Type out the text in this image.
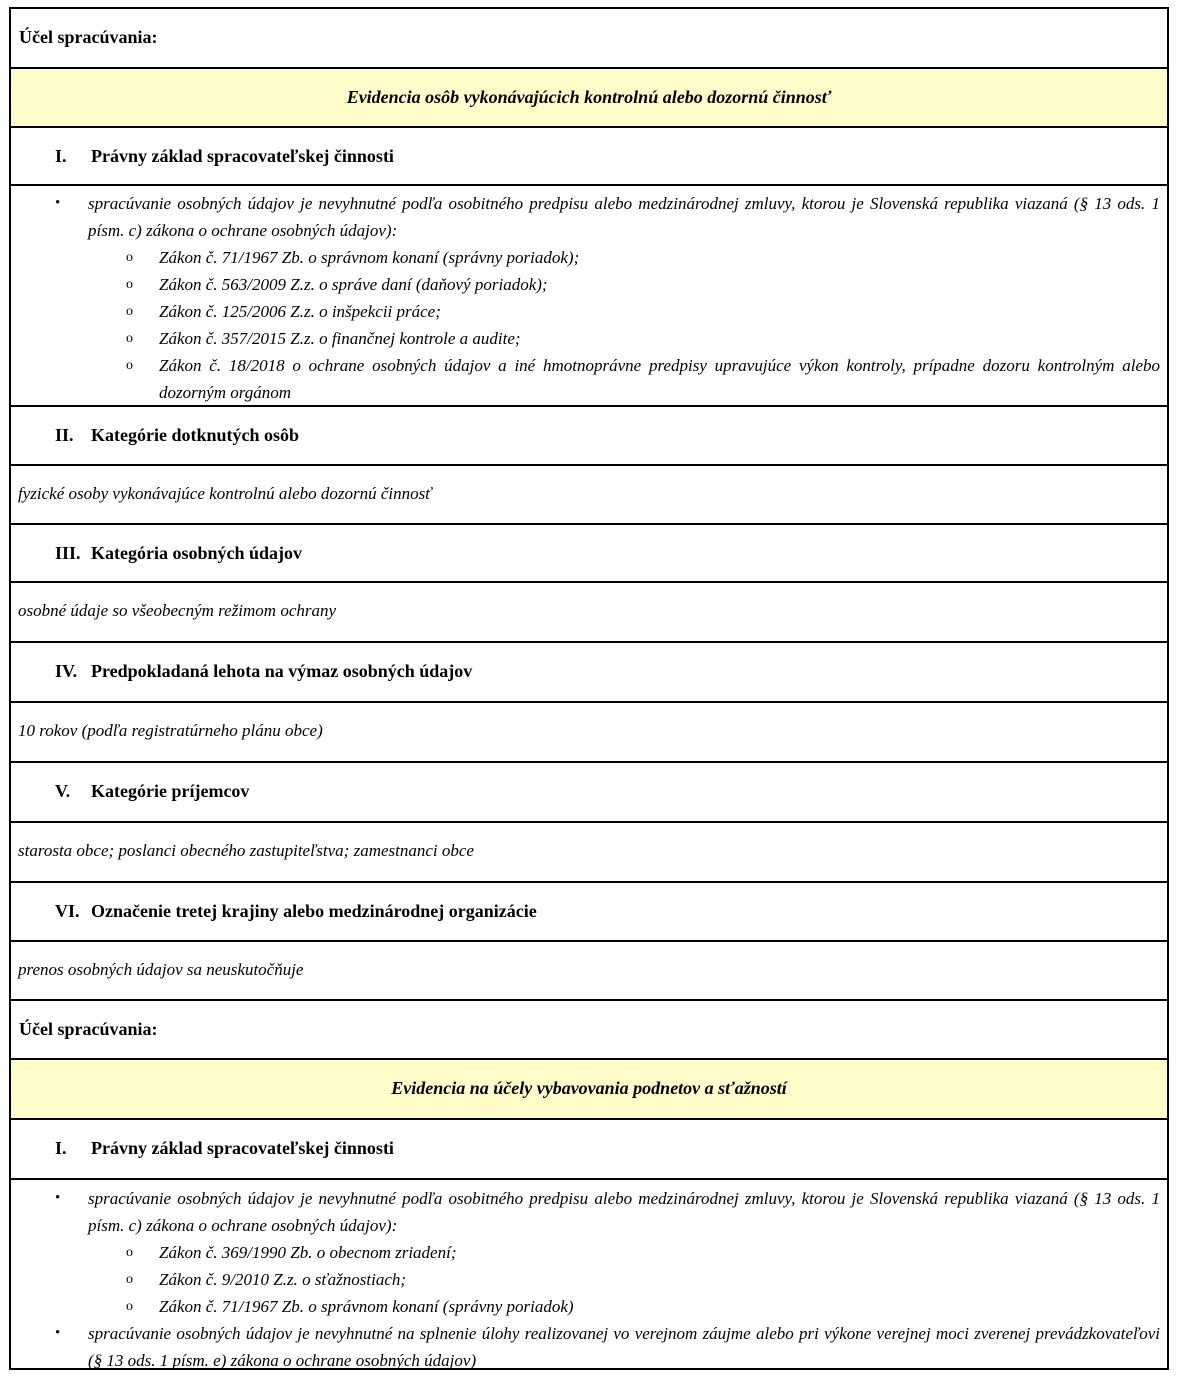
Účel spracúvania:
Evidencia osôb vykonávajúcich kontrolnú alebo dozornú činnosť
I. Právny základ spracovateľskej činnosti
• spracúvanie osobných údajov je nevyhnutné podľa osobitného predpisu alebo medzinárodnej zmluvy, ktorou je Slovenská republika viazaná (§ 13 ods. 1 písm. c) zákona o ochrane osobných údajov):
o Zákon č. 71/1967 Zb. o správnom konaní (správny poriadok);
o Zákon č. 563/2009 Z.z. o správe daní (daňový poriadok);
o Zákon č. 125/2006 Z.z. o inšpekcii práce;
o Zákon č. 357/2015 Z.z. o finančnej kontrole a audite;
o Zákon č. 18/2018 o ochrane osobných údajov a iné hmotnoprávne predpisy upravujúce výkon kontroly, prípadne dozoru kontrolným alebo dozorným orgánom
II. Kategórie dotknutých osôb
fyzické osoby vykonávajúce kontrolnú alebo dozornú činnosť
III. Kategória osobných údajov
osobné údaje so všeobecným režimom ochrany
IV. Predpokladaná lehota na výmaz osobných údajov
10 rokov (podľa registratúrneho plánu obce)
V. Kategórie príjemcov
starosta obce; poslanci obecného zastupiteľstva; zamestnanci obce
VI. Označenie tretej krajiny alebo medzinárodnej organizácie
prenos osobných údajov sa neuskutočňuje
Účel spracúvania:
Evidencia na účely vybavovania podnetov a sťažností
I. Právny základ spracovateľskej činnosti
• spracúvanie osobných údajov je nevyhnutné podľa osobitného predpisu alebo medzinárodnej zmluvy, ktorou je Slovenská republika viazaná (§ 13 ods. 1 písm. c) zákona o ochrane osobných údajov):
o Zákon č. 369/1990 Zb. o obecnom zriadení;
o Zákon č. 9/2010 Z.z. o sťažnostiach;
o Zákon č. 71/1967 Zb. o správnom konaní (správny poriadok)
• spracúvanie osobných údajov je nevyhnutné na splnenie úlohy realizovanej vo verejnom záujme alebo pri výkone verejnej moci zverenej prevádzkovateľovi (§ 13 ods. 1 písm. e) zákona o ochrane osobných údajov)
